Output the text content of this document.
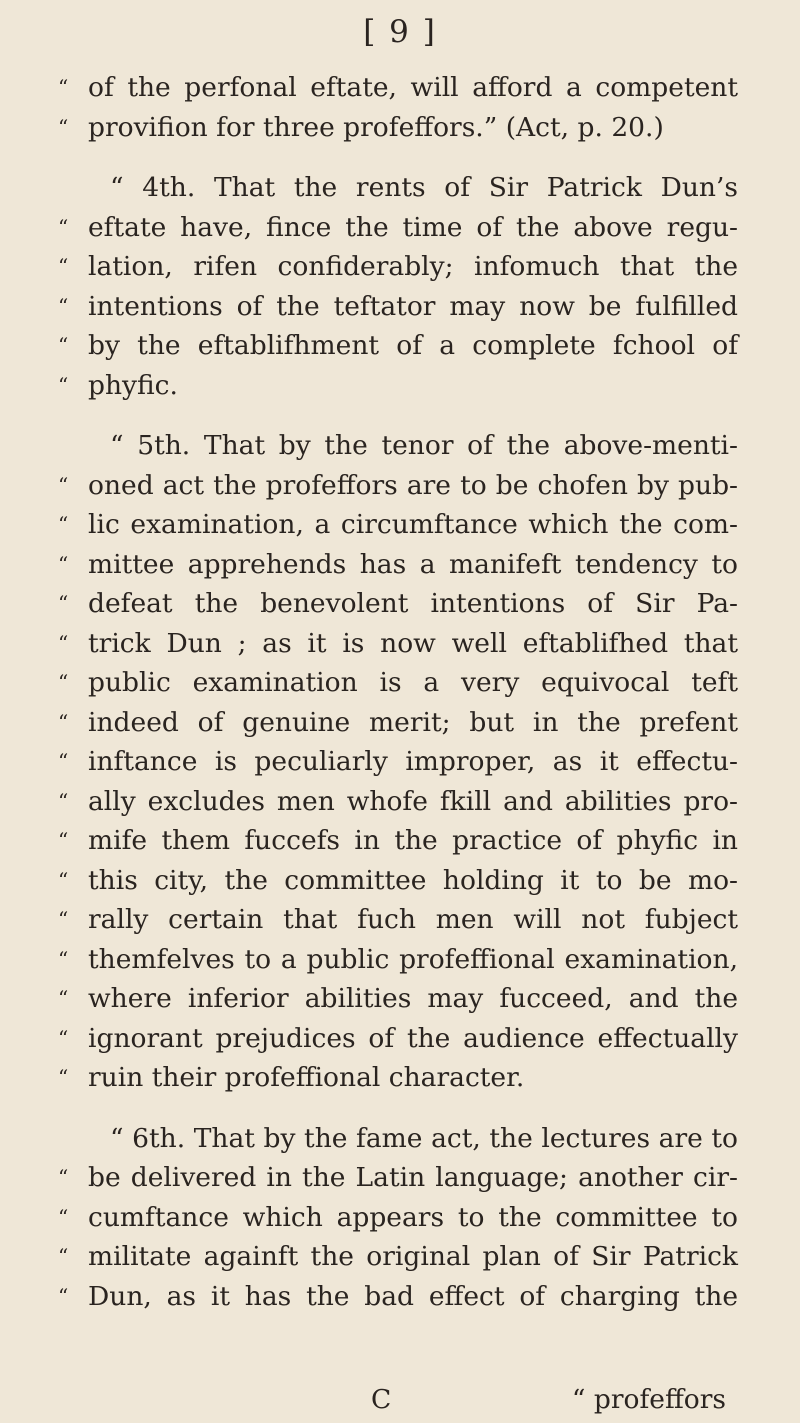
[ 9 ]
“ of the perfonal eftate, will afford a competent
“ provifion for three profeffors.” (Act, p. 20.)
“ 4th. That the rents of Sir Patrick Dun’s
“ eftate have, fince the time of the above regu-
“ lation, rifen confiderably; infomuch that the
“ intentions of the teftator may now be fulfilled
“ by the eftablifhment of a complete fchool of
“ phyfic.
“ 5th. That by the tenor of the above-menti-
“ oned act the profeffors are to be chofen by pub-
“ lic examination, a circumftance which the com-
“ mittee apprehends has a manifeft tendency to
“ defeat the benevolent intentions of Sir Pa-
“ trick Dun ; as it is now well eftablifhed that
“ public examination is a very equivocal teft
“ indeed of genuine merit; but in the prefent
“ inftance is peculiarly improper, as it effectu-
“ ally excludes men whofe fkill and abilities pro-
“ mife them fuccefs in the practice of phyfic in
“ this city, the committee holding it to be mo-
“ rally certain that fuch men will not fubject
“ themfelves to a public profeffional examination,
“ where inferior abilities may fucceed, and the
“ ignorant prejudices of the audience effectually
“ ruin their profeffional character.
“ 6th. That by the fame act, the lectures are to
“ be delivered in the Latin language; another cir-
“ cumftance which appears to the committee to
“ militate againft the original plan of Sir Patrick
“ Dun, as it has the bad effect of charging the
C	“ profeffors
